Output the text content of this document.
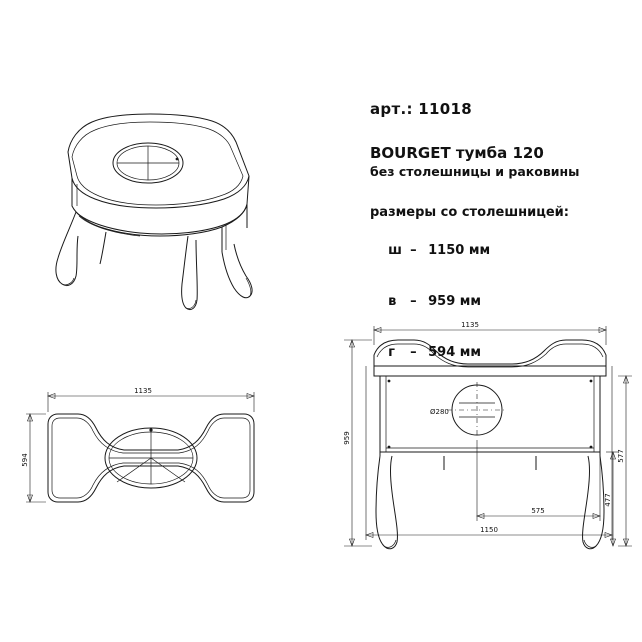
1135
594
Ø280
1135
1150
575
959
577
477
арт.: 11018
BOURGET тумба 120
без столешницы и раковины
размеры со столешницей:

ш – 1150 мм

в – 959 мм

г – 594 мм
